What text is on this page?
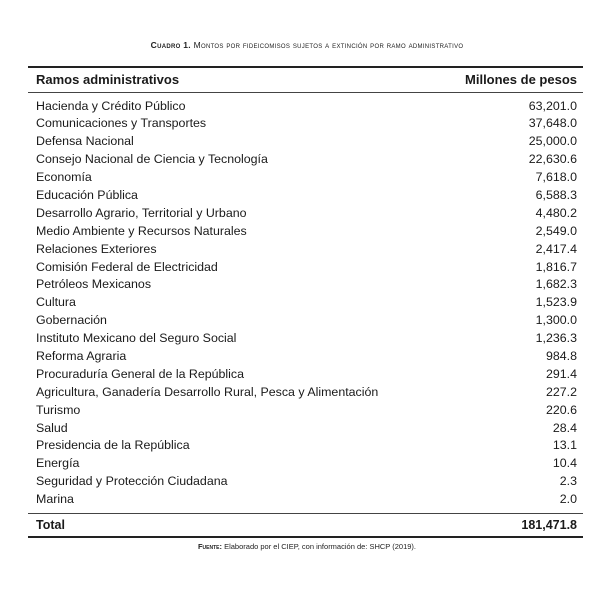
Cuadro 1. Montos por fideicomisos sujetos a extinción por ramo administrativo
Ramos administrativos	Millones de pesos
Hacienda y Crédito Público	63,201.0
Comunicaciones y Transportes	37,648.0
Defensa Nacional	25,000.0
Consejo Nacional de Ciencia y Tecnología	22,630.6
Economía	7,618.0
Educación Pública	6,588.3
Desarrollo Agrario, Territorial y Urbano	4,480.2
Medio Ambiente y Recursos Naturales	2,549.0
Relaciones Exteriores	2,417.4
Comisión Federal de Electricidad	1,816.7
Petróleos Mexicanos	1,682.3
Cultura	1,523.9
Gobernación	1,300.0
Instituto Mexicano del Seguro Social	1,236.3
Reforma Agraria	984.8
Procuraduría General de la República	291.4
Agricultura, Ganadería Desarrollo Rural, Pesca y Alimentación	227.2
Turismo	220.6
Salud	28.4
Presidencia de la República	13.1
Energía	10.4
Seguridad y Protección Ciudadana	2.3
Marina	2.0
Total	181,471.8
Fuente: Elaborado por el CIEP, con información de: SHCP (2019).
